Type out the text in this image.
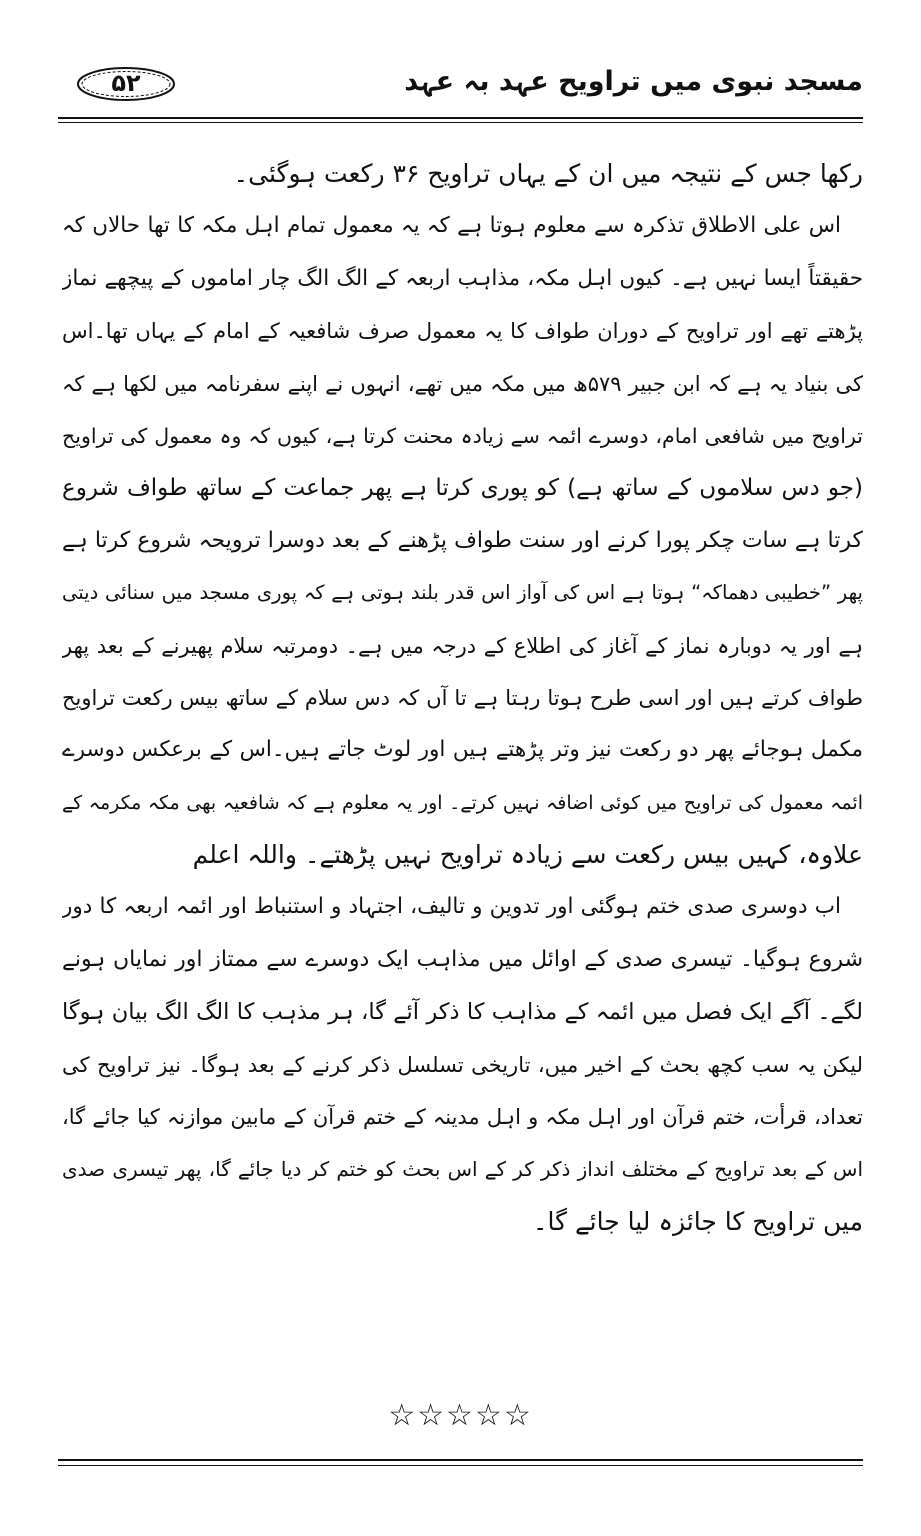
مسجد نبوی میں تراویح عہد بہ عہد
۵۲
رکھا جس کے نتیجہ میں ان کے یہاں تراویح ۳۶ رکعت ہوگئی۔
اس علی الاطلاق تذکرہ سے معلوم ہوتا ہے کہ یہ معمول تمام اہل مکہ کا تھا حالاں کہ
حقیقتاً ایسا نہیں ہے۔ کیوں اہل مکہ، مذاہب اربعہ کے الگ الگ چار اماموں کے پیچھے نماز
پڑھتے تھے اور تراویح کے دوران طواف کا یہ معمول صرف شافعیہ کے امام کے یہاں تھا۔اس
کی بنیاد یہ ہے کہ ابن جبیر ۵۷۹ھ میں مکہ میں تھے، انہوں نے اپنے سفرنامہ میں لکھا ہے کہ
تراویح میں شافعی امام، دوسرے ائمہ سے زیادہ محنت کرتا ہے، کیوں کہ وہ معمول کی تراویح
(جو دس سلاموں کے ساتھ ہے) کو پوری کرتا ہے پھر جماعت کے ساتھ طواف شروع
کرتا ہے سات چکر پورا کرنے اور سنت طواف پڑھنے کے بعد دوسرا ترویحہ شروع کرتا ہے
پھر ”خطیبی دھماکہ“ ہوتا ہے اس کی آواز اس قدر بلند ہوتی ہے کہ پوری مسجد میں سنائی دیتی
ہے اور یہ دوبارہ نماز کے آغاز کی اطلاع کے درجہ میں ہے۔ دومرتبہ سلام پھیرنے کے بعد پھر
طواف کرتے ہیں اور اسی طرح ہوتا رہتا ہے تا آں کہ دس سلام کے ساتھ بیس رکعت تراویح
مکمل ہوجائے پھر دو رکعت نیز وتر پڑھتے ہیں اور لوٹ جاتے ہیں۔اس کے برعکس دوسرے
ائمہ معمول کی تراویح میں کوئی اضافہ نہیں کرتے۔ اور یہ معلوم ہے کہ شافعیہ بھی مکہ مکرمہ کے
علاوہ، کہیں بیس رکعت سے زیادہ تراویح نہیں پڑھتے۔ واللہ اعلم
اب دوسری صدی ختم ہوگئی اور تدوین و تالیف، اجتہاد و استنباط اور ائمہ اربعہ کا دور
شروع ہوگیا۔ تیسری صدی کے اوائل میں مذاہب ایک دوسرے سے ممتاز اور نمایاں ہونے
لگے۔ آگے ایک فصل میں ائمہ کے مذاہب کا ذکر آئے گا، ہر مذہب کا الگ الگ بیان ہوگا
لیکن یہ سب کچھ بحث کے اخیر میں، تاریخی تسلسل ذکر کرنے کے بعد ہوگا۔ نیز تراویح کی
تعداد، قرأت، ختم قرآن اور اہل مکہ و اہل مدینہ کے ختم قرآن کے مابین موازنہ کیا جائے گا،
اس کے بعد تراویح کے مختلف انداز ذکر کر کے اس بحث کو ختم کر دیا جائے گا، پھر تیسری صدی
میں تراویح کا جائزہ لیا جائے گا۔
☆☆☆☆☆
